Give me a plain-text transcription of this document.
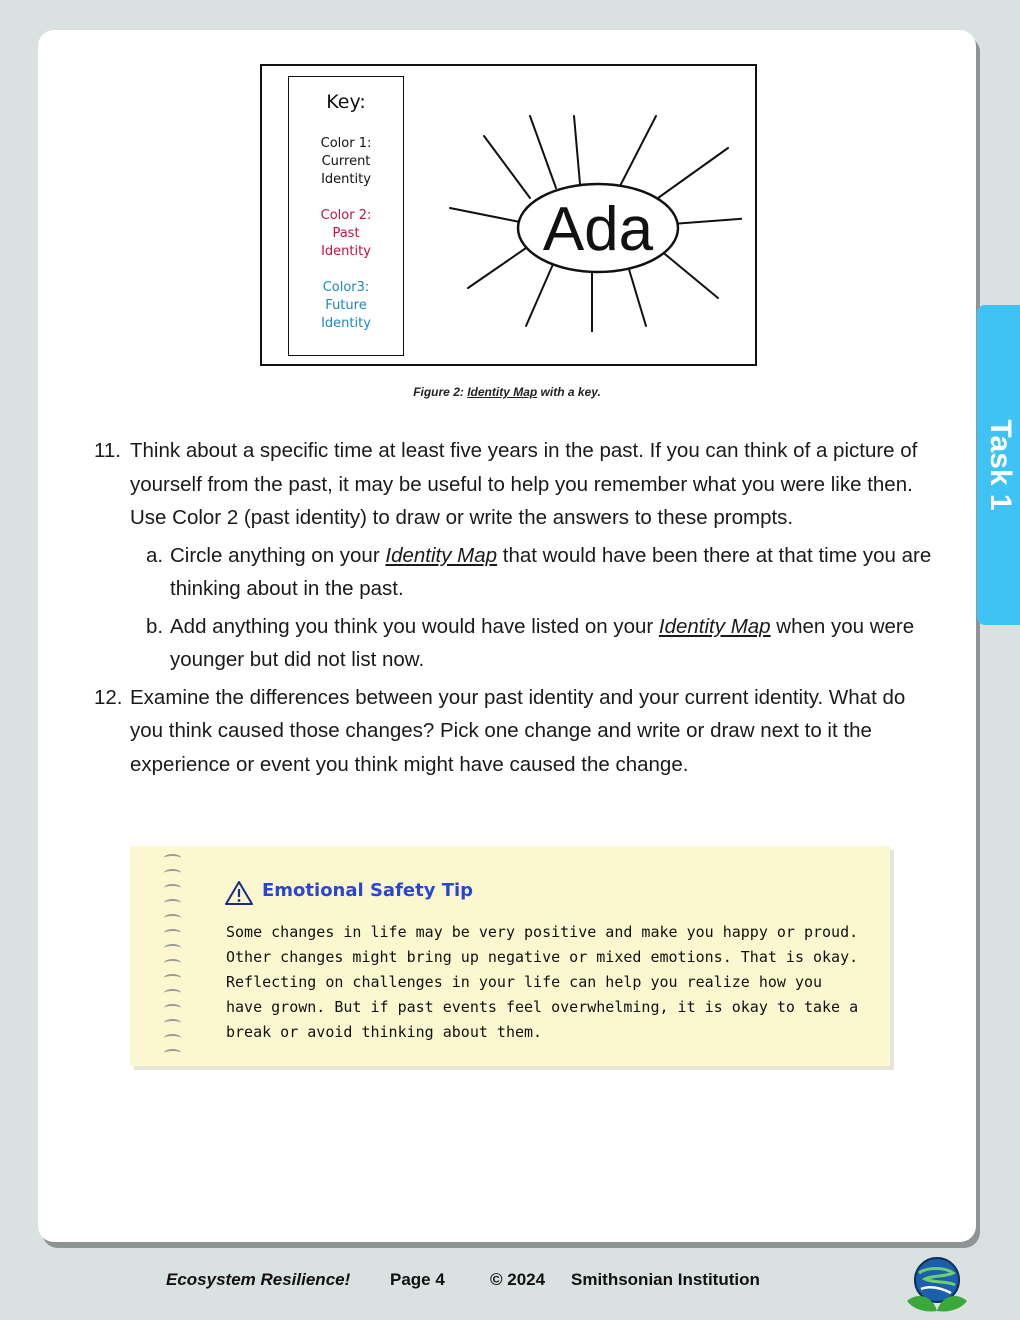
Key:
Color 1:
Current
Identity
Color 2:
Past
Identity
Color3:
Future
Identity
Ada
Figure 2: Identity Map with a key.
11. Think about a specific time at least five years in the past. If you can think of a picture of yourself from the past, it may be useful to help you remember what you were like then. Use Color 2 (past identity) to draw or write the answers to these prompts.
a. Circle anything on your Identity Map that would have been there at that time you are thinking about in the past.
b. Add anything you think you would have listed on your Identity Map when you were younger but did not list now.
12. Examine the differences between your past identity and your current identity. What do you think caused those changes? Pick one change and write or draw next to it the experience or event you think might have caused the change.
Emotional Safety Tip
Some changes in life may be very positive and make you happy or proud. Other changes might bring up negative or mixed emotions. That is okay. Reflecting on challenges in your life can help you realize how you have grown. But if past events feel overwhelming, it is okay to take a break or avoid thinking about them.
Task 1
Ecosystem Resilience! Page 4	© 2024 Smithsonian Institution
